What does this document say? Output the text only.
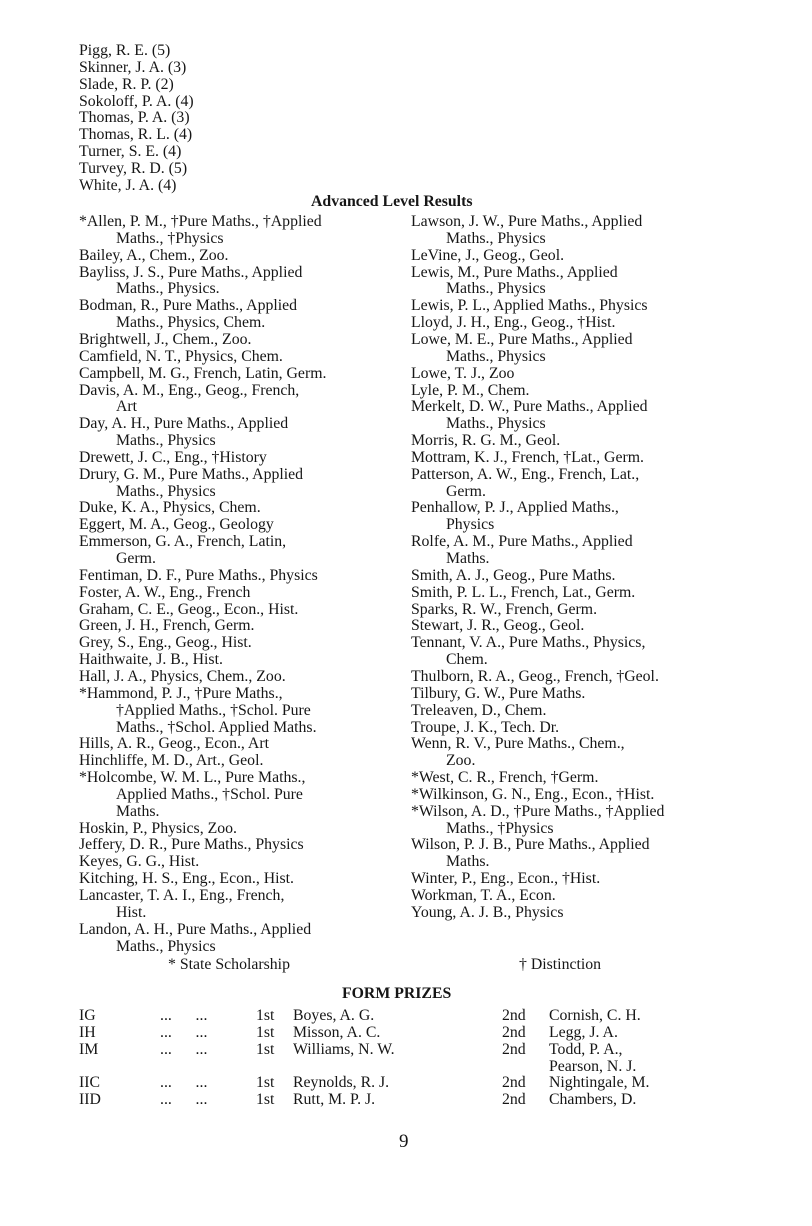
Pigg, R. E. (5)
Skinner, J. A. (3)
Slade, R. P. (2)
Sokoloff, P. A. (4)
Thomas, P. A. (3)
Thomas, R. L. (4)
Turner, S. E. (4)
Turvey, R. D. (5)
White, J. A. (4)
Advanced Level Results
*Allen, P. M., †Pure Maths., †Applied
Maths., †Physics
Bailey, A., Chem., Zoo.
Bayliss, J. S., Pure Maths., Applied
Maths., Physics.
Bodman, R., Pure Maths., Applied
Maths., Physics, Chem.
Brightwell, J., Chem., Zoo.
Camfield, N. T., Physics, Chem.
Campbell, M. G., French, Latin, Germ.
Davis, A. M., Eng., Geog., French,
Art
Day, A. H., Pure Maths., Applied
Maths., Physics
Drewett, J. C., Eng., †History
Drury, G. M., Pure Maths., Applied
Maths., Physics
Duke, K. A., Physics, Chem.
Eggert, M. A., Geog., Geology
Emmerson, G. A., French, Latin,
Germ.
Fentiman, D. F., Pure Maths., Physics
Foster, A. W., Eng., French
Graham, C. E., Geog., Econ., Hist.
Green, J. H., French, Germ.
Grey, S., Eng., Geog., Hist.
Haithwaite, J. B., Hist.
Hall, J. A., Physics, Chem., Zoo.
*Hammond, P. J., †Pure Maths.,
†Applied Maths., †Schol. Pure
Maths., †Schol. Applied Maths.
Hills, A. R., Geog., Econ., Art
Hinchliffe, M. D., Art., Geol.
*Holcombe, W. M. L., Pure Maths.,
Applied Maths., †Schol. Pure
Maths.
Hoskin, P., Physics, Zoo.
Jeffery, D. R., Pure Maths., Physics
Keyes, G. G., Hist.
Kitching, H. S., Eng., Econ., Hist.
Lancaster, T. A. I., Eng., French,
Hist.
Landon, A. H., Pure Maths., Applied
Maths., Physics
Lawson, J. W., Pure Maths., Applied
Maths., Physics
LeVine, J., Geog., Geol.
Lewis, M., Pure Maths., Applied
Maths., Physics
Lewis, P. L., Applied Maths., Physics
Lloyd, J. H., Eng., Geog., †Hist.
Lowe, M. E., Pure Maths., Applied
Maths., Physics
Lowe, T. J., Zoo
Lyle, P. M., Chem.
Merkelt, D. W., Pure Maths., Applied
Maths., Physics
Morris, R. G. M., Geol.
Mottram, K. J., French, †Lat., Germ.
Patterson, A. W., Eng., French, Lat.,
Germ.
Penhallow, P. J., Applied Maths.,
Physics
Rolfe, A. M., Pure Maths., Applied
Maths.
Smith, A. J., Geog., Pure Maths.
Smith, P. L. L., French, Lat., Germ.
Sparks, R. W., French, Germ.
Stewart, J. R., Geog., Geol.
Tennant, V. A., Pure Maths., Physics,
Chem.
Thulborn, R. A., Geog., French, †Geol.
Tilbury, G. W., Pure Maths.
Treleaven, D., Chem.
Troupe, J. K., Tech. Dr.
Wenn, R. V., Pure Maths., Chem.,
Zoo.
*West, C. R., French, †Germ.
*Wilkinson, G. N., Eng., Econ., †Hist.
*Wilson, A. D., †Pure Maths., †Applied
Maths., †Physics
Wilson, P. J. B., Pure Maths., Applied
Maths.
Winter, P., Eng., Econ., †Hist.
Workman, T. A., Econ.
Young, A. J. B., Physics
* State Scholarship	† Distinction
FORM PRIZES
IG	...      ...	1st Boyes, A. G.	2nd Cornish, C. H.
IH	...      ...	1st Misson, A. C.	2nd Legg, J. A.
IM	...      ...	1st Williams, N. W.	2nd Todd, P. A.,
Pearson, N. J.
IIC	...      ...	1st Reynolds, R. J.	2nd Nightingale, M.
IID	...      ...	1st Rutt, M. P. J.	2nd Chambers, D.
9
